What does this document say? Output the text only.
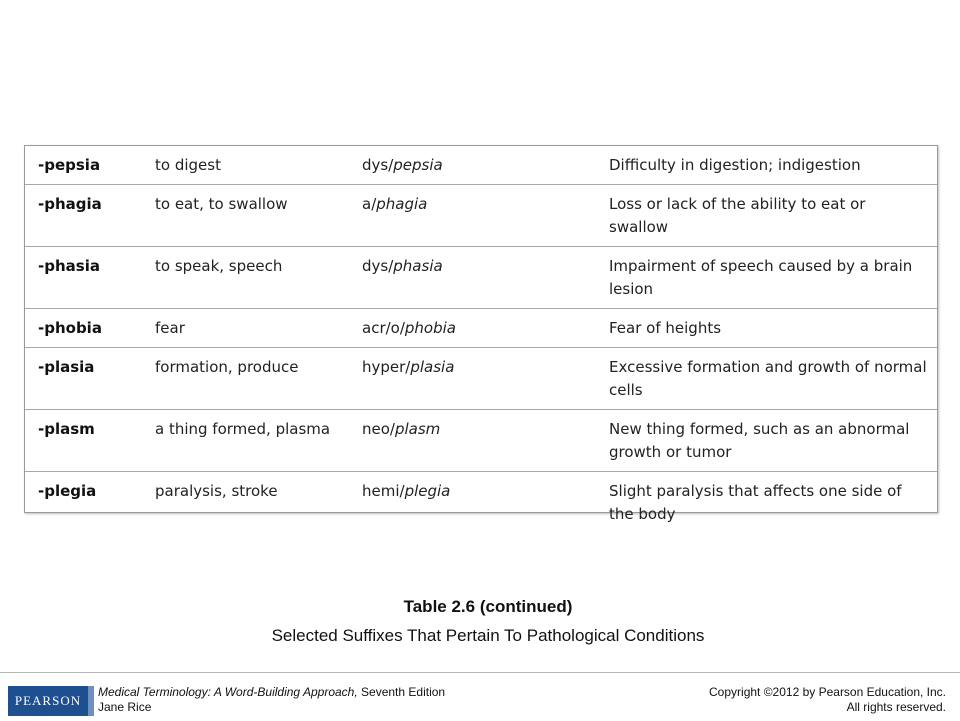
-pepsia	to digest	dys/pepsia	Difficulty in digestion; indigestion
-phagia	to eat, to swallow	a/phagia	Loss or lack of the ability to eat or swallow
-phasia	to speak, speech	dys/phasia	Impairment of speech caused by a brain lesion
-phobia	fear	acr/o/phobia	Fear of heights
-plasia	formation, produce	hyper/plasia	Excessive formation and growth of normal cells
-plasm	a thing formed, plasma	neo/plasm	New thing formed, such as an abnormal growth or tumor
-plegia	paralysis, stroke	hemi/plegia	Slight paralysis that affects one side of the body
Table 2.6 (continued)
Selected Suffixes That Pertain To Pathological Conditions
PEARSON
Medical Terminology: A Word-Building Approach, Seventh Edition
Jane Rice
Copyright ©2012 by Pearson Education, Inc.
All rights reserved.
